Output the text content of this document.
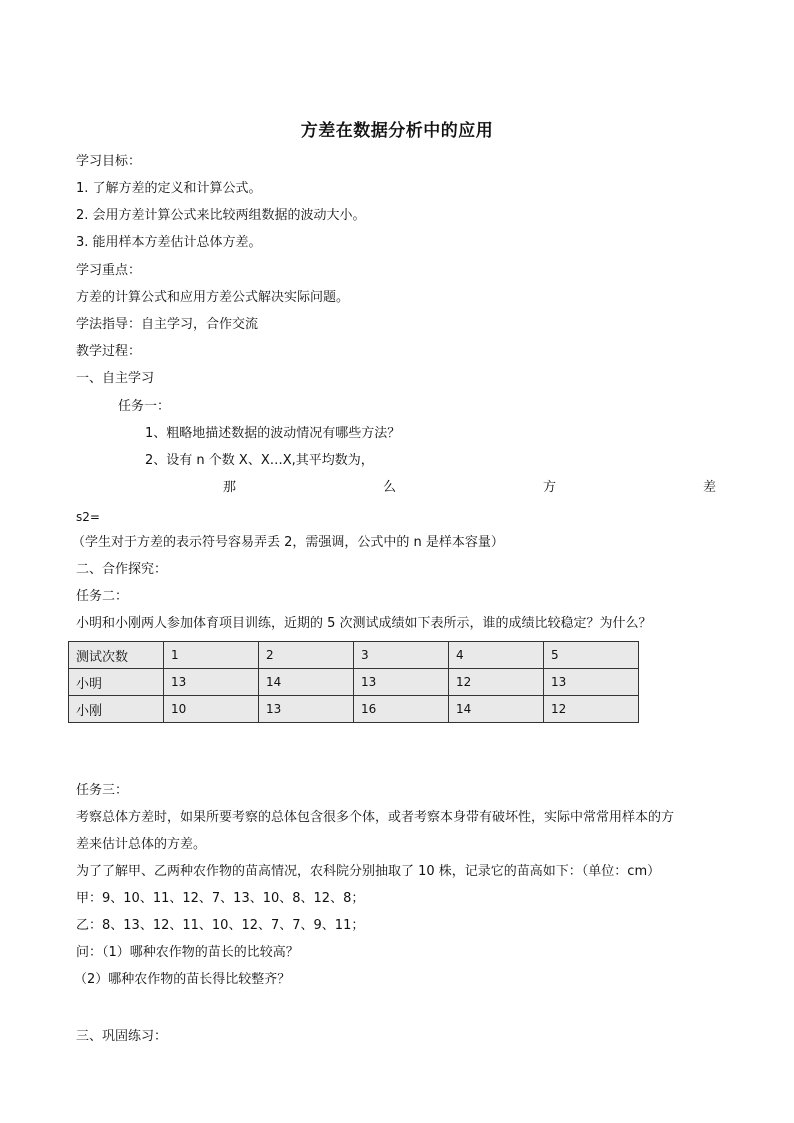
方差在数据分析中的应用
学习目标：
1. 了解方差的定义和计算公式。
2. 会用方差计算公式来比较两组数据的波动大小。
3. 能用样本方差估计总体方差。
学习重点：
方差的计算公式和应用方差公式解决实际问题。
学法指导：自主学习，合作交流
教学过程：
一、自主学习
任务一：
1、粗略地描述数据的波动情况有哪些方法？
2、设有 n 个数 X、X…X,其平均数为，
那	么	方	差
s2=
（学生对于方差的表示符号容易弄丢 2，需强调，公式中的 n 是样本容量）
二、合作探究：
任务二：
小明和小刚两人参加体育项目训练，近期的 5 次测试成绩如下表所示，谁的成绩比较稳定？为什么？
测试次数	1	2	3	4	5
小明	13	14	13	12	13
小刚	10	13	16	14	12
任务三：
考察总体方差时，如果所要考察的总体包含很多个体，或者考察本身带有破坏性，实际中常常用样本的方
差来估计总体的方差。
为了了解甲、乙两种农作物的苗高情况，农科院分别抽取了 10 株，记录它的苗高如下：（单位：cm）
甲：9、10、11、12、7、13、10、8、12、8；
乙：8、13、12、11、10、12、7、7、9、11；
问：（1）哪种农作物的苗长的比较高？
（2）哪种农作物的苗长得比较整齐？
三、巩固练习：
